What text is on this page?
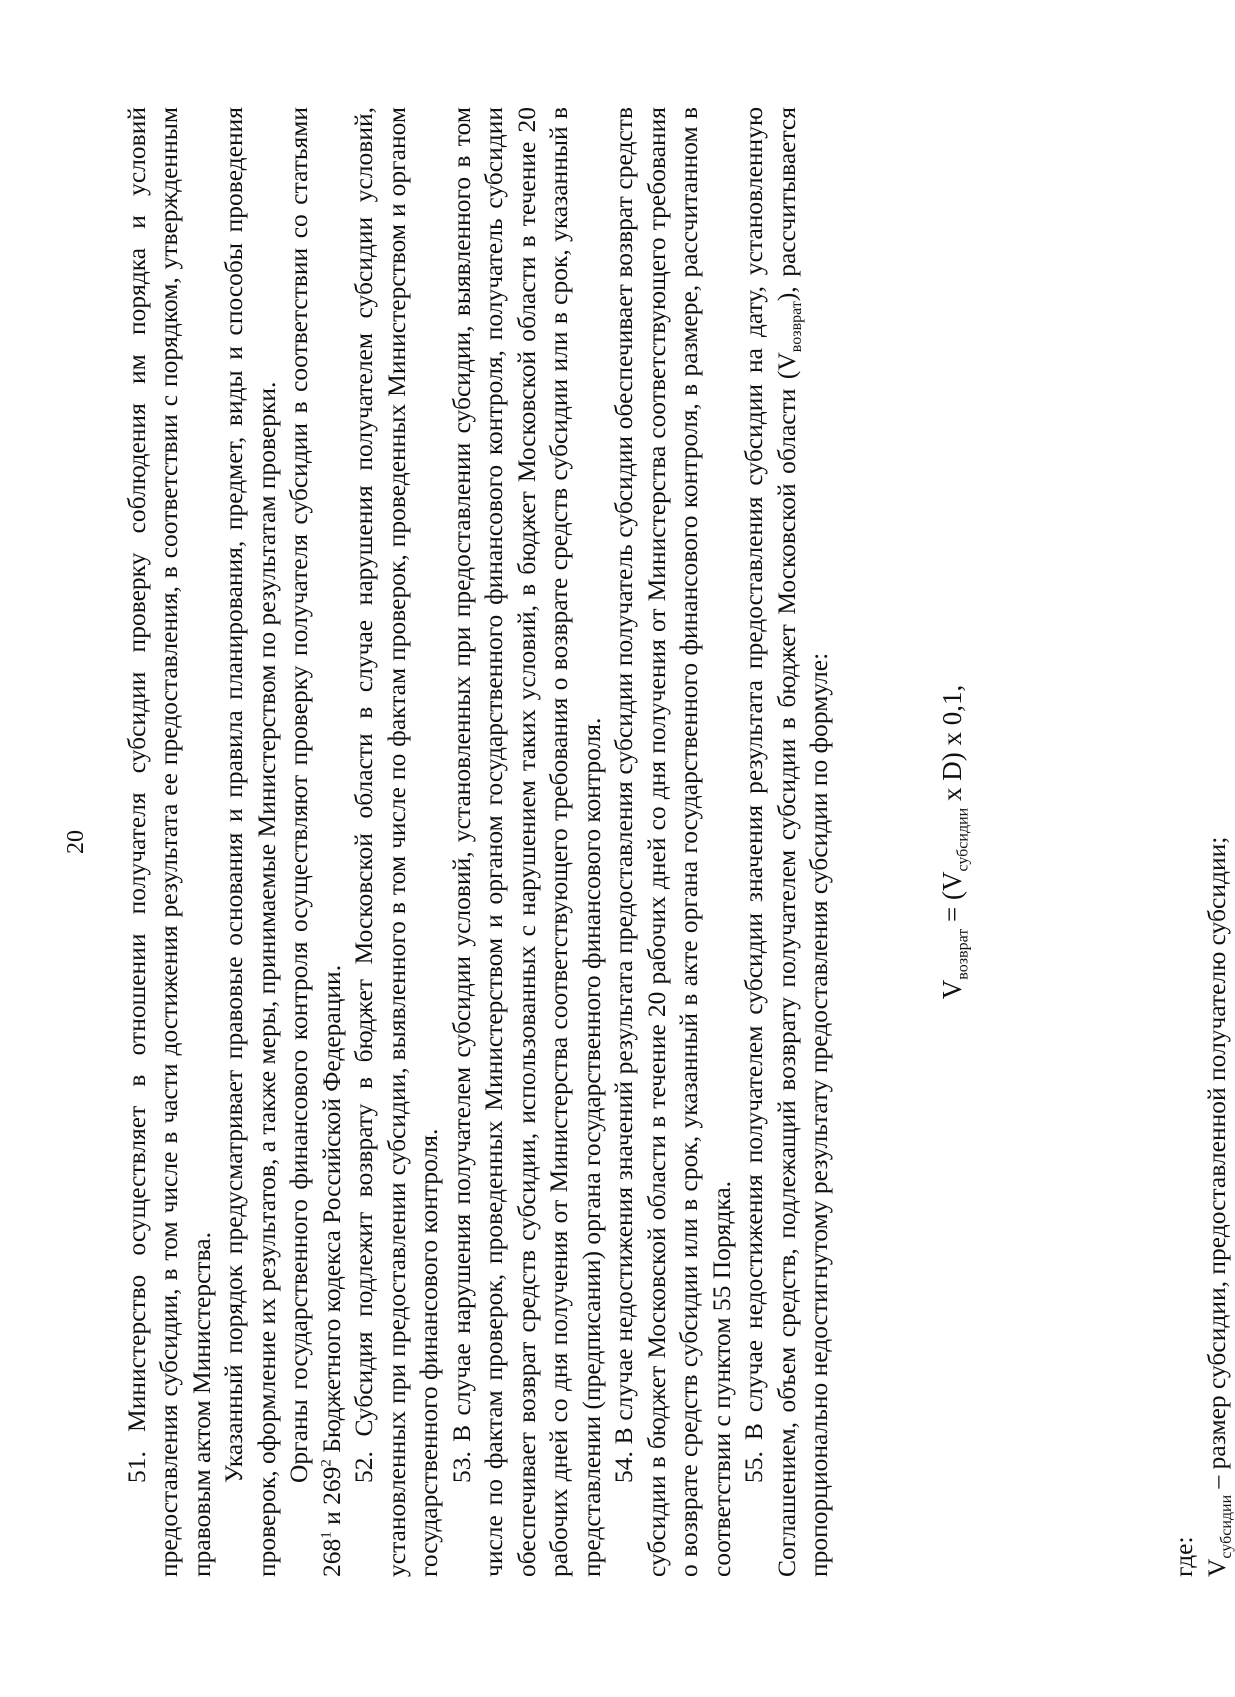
20 51. Министерство осуществляет в отношении получателя субсидии проверку соблюдения им порядка и условий предоставления субсидии, в том числе в части достижения результата ее предоставления, в соответствии с порядком, утвержденным правовым актом Министерства. Указанный порядок предусматривает правовые основания и правила планирования, предмет, виды и способы проведения проверок, оформление их результатов, а также меры, принимаемые Министерством по результатам проверки. Органы государственного финансового контроля осуществляют проверку получателя субсидии в соответствии со статьями $268^1$ и $269^2$ Бюджетного кодекса Российской Федерации. 52. Субсидия подлежит возврату в бюджет Московской области в случае нарушения получателем субсидии условий, установленных при предоставлении субсидии, выявленного в том числе по фактам проверок, проведенных Министерством и органом государственного финансового контроля. 53. В случае нарушения получателем субсидии условий, установленных при предоставлении субсидии, выявленного в том числе по фактам проверок, проведенных Министерством и органом государственного финансового контроля, получатель субсидии обеспечивает возврат средств субсидии, использованных с нарушением таких условий, в бюджет Московской области в течение 20 рабочих дней со дня получения от Министерства соответствующего требования о возврате средств субсидии или в срок, указанный в представлении (предписании) органа государственного финансового контроля. 54. В случае недостижения значений результата предоставления субсидии получатель субсидии обеспечивает возврат средств субсидии в бюджет Московской области в течение 20 рабочих дней со дня получения от Министерства соответствующего требования о возврате средств субсидии или в срок, указанный в акте органа государственного финансового контроля, в размере, рассчитанном в соответствии с пунктом 55 Порядка. 55. В случае недостижения получателем субсидии значения результата предоставления субсидии на дату, установленную Соглашением, объем средств, подлежащий возврату получателем субсидии в бюджет Московской области $(V_{возврат})$, рассчитывается пропорционально недостигнутому результату предоставления субсидии по формуле:	$V_{возврат} = (V_{субсидии}$ x D) x 0,1,

где: $V_{субсидии}$ – размер субсидии, предоставленной получателю субсидии;
